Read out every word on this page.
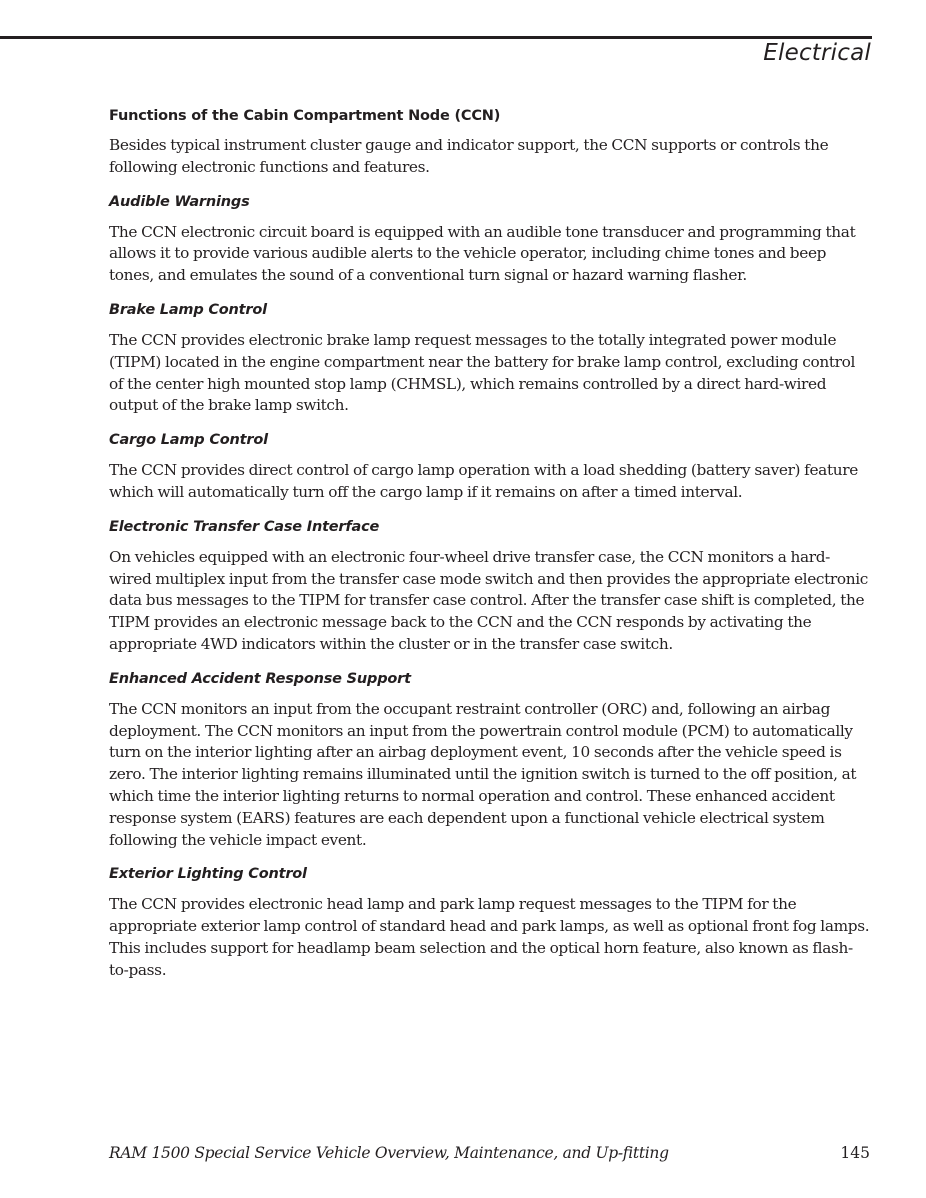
Electrical
Functions of the Cabin Compartment Node (CCN)

Besides typical instrument cluster gauge and indicator support, the CCN supports or controls the following electronic functions and features.

Audible Warnings

The CCN electronic circuit board is equipped with an audible tone transducer and programming that allows it to provide various audible alerts to the vehicle operator, including chime tones and beep tones, and emulates the sound of a conventional turn signal or hazard warning flasher.

Brake Lamp Control

The CCN provides electronic brake lamp request messages to the totally integrated power module (TIPM) located in the engine compartment near the battery for brake lamp control, excluding control of the center high mounted stop lamp (CHMSL), which remains controlled by a direct hard-wired output of the brake lamp switch.

Cargo Lamp Control

The CCN provides direct control of cargo lamp operation with a load shedding (battery saver) feature which will automatically turn off the cargo lamp if it remains on after a timed interval.

Electronic Transfer Case Interface

On vehicles equipped with an electronic four-wheel drive transfer case, the CCN monitors a hard-wired multiplex input from the transfer case mode switch and then provides the appropriate electronic data bus messages to the TIPM for transfer case control. After the transfer case shift is completed, the TIPM provides an electronic message back to the CCN and the CCN responds by activating the appropriate 4WD indicators within the cluster or in the transfer case switch.

Enhanced Accident Response Support

The CCN monitors an input from the occupant restraint controller (ORC) and, following an airbag deployment. The CCN monitors an input from the powertrain control module (PCM) to automatically turn on the interior lighting after an airbag deployment event, 10 seconds after the vehicle speed is zero. The interior lighting remains illuminated until the ignition switch is turned to the off position, at which time the interior lighting returns to normal operation and control. These enhanced accident response system (EARS) features are each dependent upon a functional vehicle electrical system following the vehicle impact event.

Exterior Lighting Control

The CCN provides electronic head lamp and park lamp request messages to the TIPM for the appropriate exterior lamp control of standard head and park lamps, as well as optional front fog lamps. This includes support for headlamp beam selection and the optical horn feature, also known as flash-to-pass.

RAM 1500 Special Service Vehicle Overview, Maintenance, and Up-fitting	145
